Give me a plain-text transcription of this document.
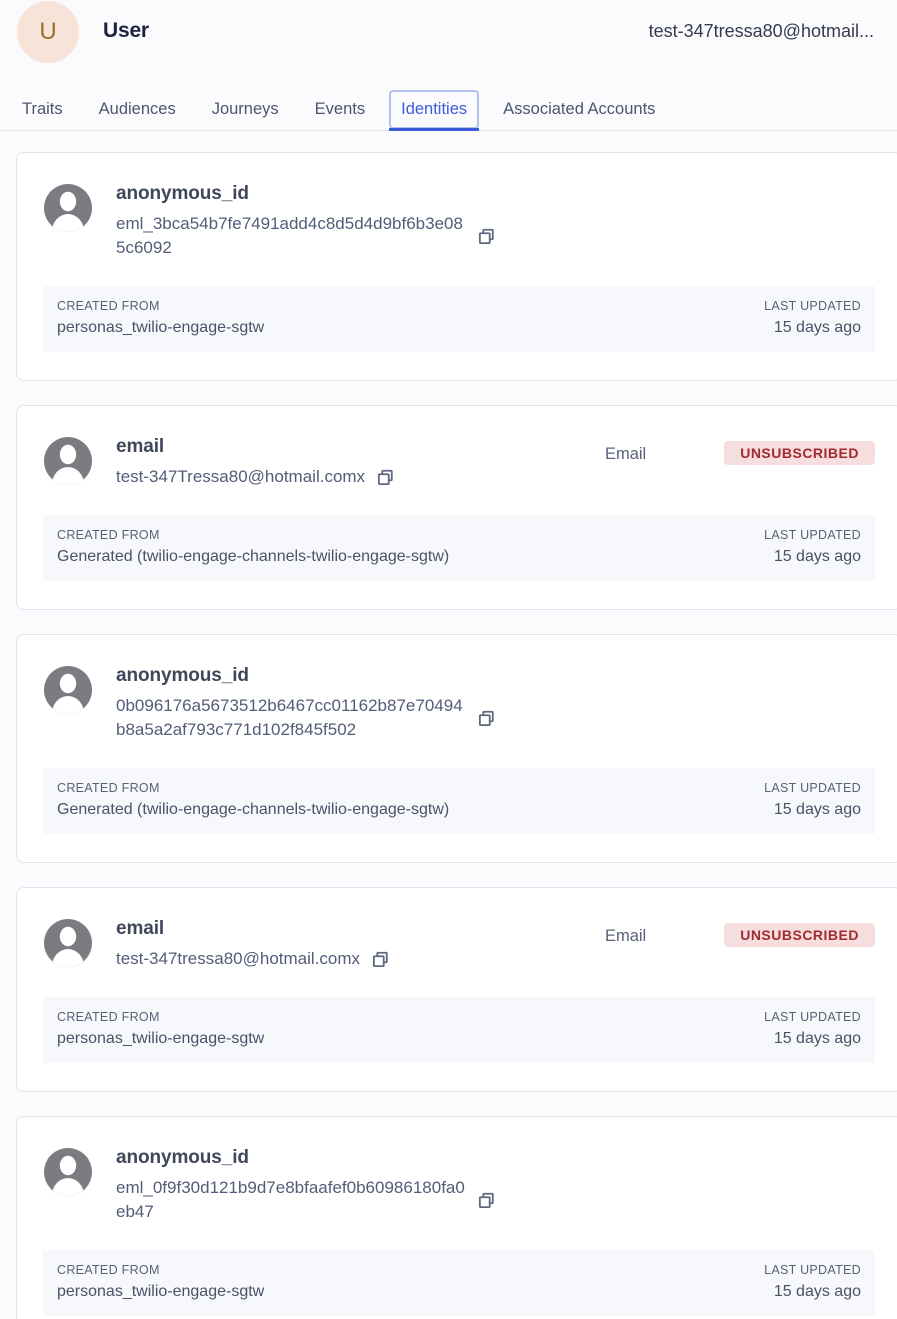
U User	test-347tressa80@hotmail...
Traits Audiences Journeys Events	Identities	Associated Accounts
anonymous_id
eml_3bca54b7fe7491add4c8d5d4d9bf6b3e085c6092
CREATED FROM
personas_twilio-engage-sgtw
LAST UPDATED
15 days ago
email
test-347Tressa80@hotmail.comx
Email	UNSUBSCRIBED
CREATED FROM
Generated (twilio-engage-channels-twilio-engage-sgtw)
LAST UPDATED
15 days ago
anonymous_id
0b096176a5673512b6467cc01162b87e70494b8a5a2af793c771d102f845f502
CREATED FROM
Generated (twilio-engage-channels-twilio-engage-sgtw)
LAST UPDATED
15 days ago
email
test-347tressa80@hotmail.comx
Email	UNSUBSCRIBED
CREATED FROM
personas_twilio-engage-sgtw
LAST UPDATED
15 days ago
anonymous_id
eml_0f9f30d121b9d7e8bfaafef0b60986180fa0eb47
CREATED FROM
personas_twilio-engage-sgtw
LAST UPDATED
15 days ago
